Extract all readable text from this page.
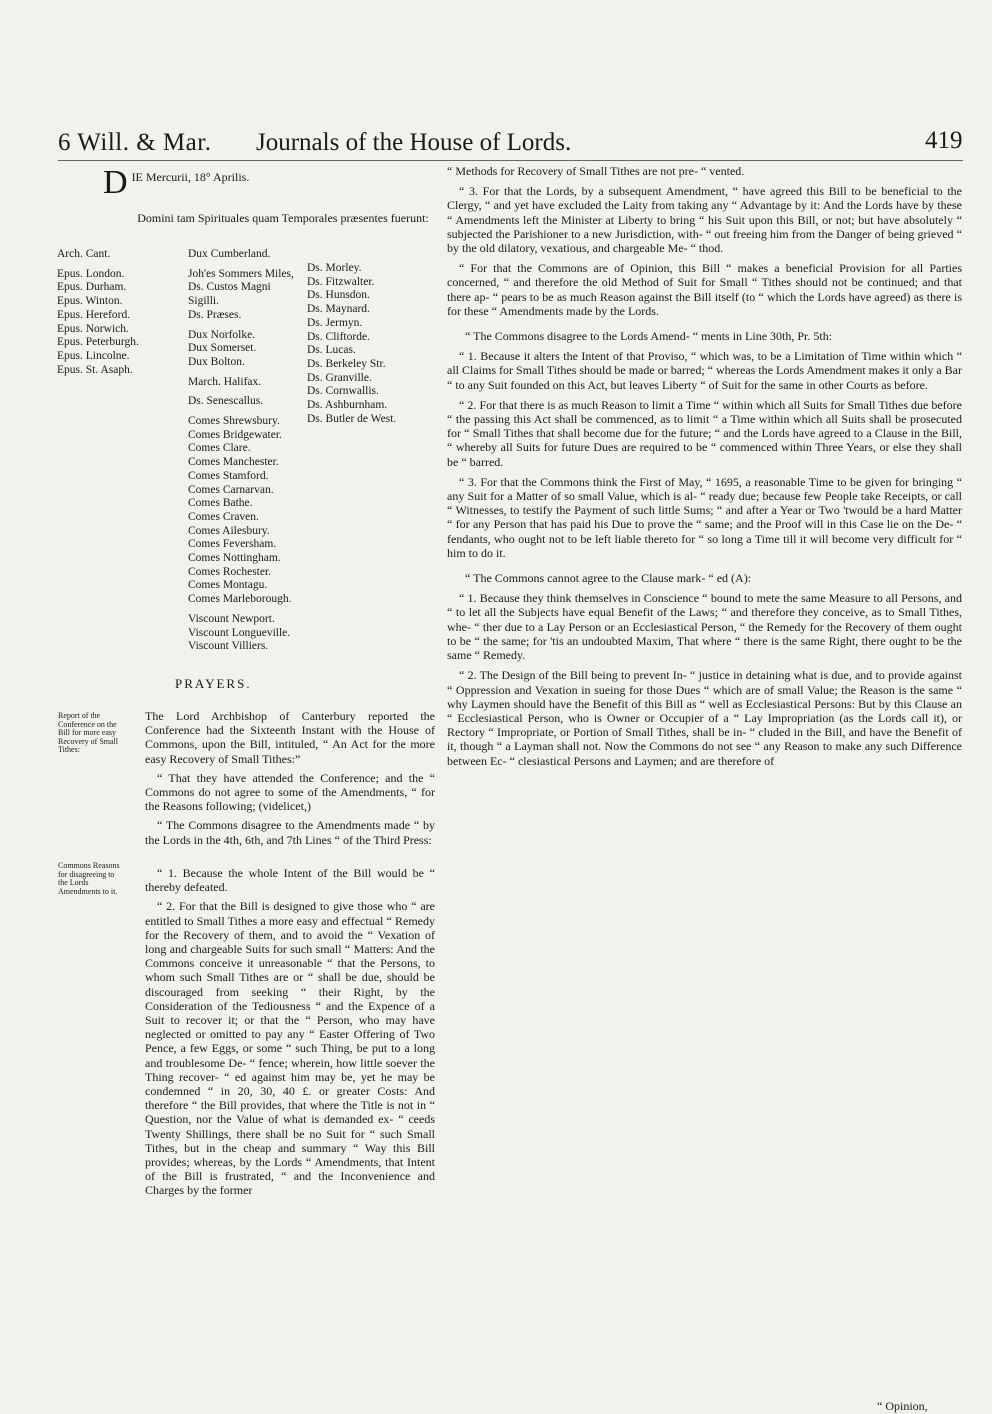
6 Will. & Mar. Journals of the House of Lords.	419
DIE Mercurii, 18° Aprilis.
Domini tam Spirituales quam Temporales præsentes fuerunt:
Arch. Cant.
Epus. London.
Epus. Durham.
Epus. Winton.
Epus. Hereford.
Epus. Norwich.
Epus. Peterburgh.
Epus. Lincolne.
Epus. St. Asaph.
Dux Cumberland.
Joh'es Sommers Miles,
Ds. Custos Magni
Sigilli.
Ds. Præses.
Dux Norfolke.
Dux Somerset.
Dux Bolton.
March. Halifax.
Ds. Senescallus.
Comes Shrewsbury.
Comes Bridgewater.
Comes Clare.
Comes Manchester.
Comes Stamford.
Comes Carnarvan.
Comes Bathe.
Comes Craven.
Comes Ailesbury.
Comes Feversham.
Comes Nottingham.
Comes Rochester.
Comes Montagu.
Comes Marleborough.
Viscount Newport.
Viscount Longueville.
Viscount Villiers.
Ds. Morley.
Ds. Fitzwalter.
Ds. Hunsdon.
Ds. Maynard.
Ds. Jermyn.
Ds. Cliftorde.
Ds. Lucas.
Ds. Berkeley Str.
Ds. Granville.
Ds. Cornwallis.
Ds. Ashburnham.
Ds. Butler de West.
PRAYERS.
Report of the Conference on the Bill for more easy Recovery of Small Tithes:
Commons Reasons for disagreeing to the Lords Amendments to it.

The Lord Archbishop of Canterbury reported the Conference had the Sixteenth Instant with the House of Commons, upon the Bill, intituled, “ An Act for the more easy Recovery of Small Tithes:”

“ That they have attended the Conference; and the “ Commons do not agree to some of the Amendments, “ for the Reasons following; (videlicet,)

“ The Commons disagree to the Amendments made “ by the Lords in the 4th, 6th, and 7th Lines “ of the Third Press:

“ 1. Because the whole Intent of the Bill would be “ thereby defeated.

“ 2. For that the Bill is designed to give those who “ are entitled to Small Tithes a more easy and effectual “ Remedy for the Recovery of them, and to avoid the “ Vexation of long and chargeable Suits for such small “ Matters: And the Commons conceive it unreasonable “ that the Persons, to whom such Small Tithes are or “ shall be due, should be discouraged from seeking “ their Right, by the Consideration of the Tediousness “ and the Expence of a Suit to recover it; or that the “ Person, who may have neglected or omitted to pay any “ Easter Offering of Two Pence, a few Eggs, or some “ such Thing, be put to a long and troublesome De- “ fence; wherein, how little soever the Thing recover- “ ed against him may be, yet he may be condemned “ in 20, 30, 40 £. or greater Costs: And therefore “ the Bill provides, that where the Title is not in “ Question, nor the Value of what is demanded ex- “ ceeds Twenty Shillings, there shall be no Suit for “ such Small Tithes, but in the cheap and summary “ Way this Bill provides; whereas, by the Lords “ Amendments, that Intent of the Bill is frustrated, “ and the Inconvenience and Charges by the former

“ Methods for Recovery of Small Tithes are not pre- “ vented.

“ 3. For that the Lords, by a subsequent Amendment, “ have agreed this Bill to be beneficial to the Clergy, “ and yet have excluded the Laity from taking any “ Advantage by it: And the Lords have by these “ Amendments left the Minister at Liberty to bring “ his Suit upon this Bill, or not; but have absolutely “ subjected the Parishioner to a new Jurisdiction, with- “ out freeing him from the Danger of being grieved “ by the old dilatory, vexatious, and chargeable Me- “ thod.

“ For that the Commons are of Opinion, this Bill “ makes a beneficial Provision for all Parties concerned, “ and therefore the old Method of Suit for Small “ Tithes should not be continued; and that there ap- “ pears to be as much Reason against the Bill itself (to “ which the Lords have agreed) as there is for these “ Amendments made by the Lords.

“ The Commons disagree to the Lords Amend- “ ments in Line 30th, Pr. 5th:

“ 1. Because it alters the Intent of that Proviso, “ which was, to be a Limitation of Time within which “ all Claims for Small Tithes should be made or barred; “ whereas the Lords Amendment makes it only a Bar “ to any Suit founded on this Act, but leaves Liberty “ of Suit for the same in other Courts as before.

“ 2. For that there is as much Reason to limit a Time “ within which all Suits for Small Tithes due before “ the passing this Act shall be commenced, as to limit “ a Time within which all Suits shall be prosecuted for “ Small Tithes that shall become due for the future; “ and the Lords have agreed to a Clause in the Bill, “ whereby all Suits for future Dues are required to be “ commenced within Three Years, or else they shall be “ barred.

“ 3. For that the Commons think the First of May, “ 1695, a reasonable Time to be given for bringing “ any Suit for a Matter of so small Value, which is al- “ ready due; because few People take Receipts, or call “ Witnesses, to testify the Payment of such little Sums; “ and after a Year or Two 'twould be a hard Matter “ for any Person that has paid his Due to prove the “ same; and the Proof will in this Case lie on the De- “ fendants, who ought not to be left liable thereto for “ so long a Time till it will become very difficult for “ him to do it.

“ The Commons cannot agree to the Clause mark- “ ed (A):

“ 1. Because they think themselves in Conscience “ bound to mete the same Measure to all Persons, and “ to let all the Subjects have equal Benefit of the Laws; “ and therefore they conceive, as to Small Tithes, whe- “ ther due to a Lay Person or an Ecclesiastical Person, “ the Remedy for the Recovery of them ought to be “ the same; for 'tis an undoubted Maxim, That where “ there is the same Right, there ought to be the same “ Remedy.

“ 2. The Design of the Bill being to prevent In- “ justice in detaining what is due, and to provide against “ Oppression and Vexation in sueing for those Dues “ which are of small Value; the Reason is the same “ why Laymen should have the Benefit of this Bill as “ well as Ecclesiastical Persons: But by this Clause an “ Ecclesiastical Person, who is Owner or Occupier of a “ Lay Impropriation (as the Lords call it), or Rectory “ Impropriate, or Portion of Small Tithes, shall be in- “ cluded in the Bill, and have the Benefit of it, though “ a Layman shall not. Now the Commons do not see “ any Reason to make any such Difference between Ec- “ clesiastical Persons and Laymen; and are therefore of

“ Opinion,
